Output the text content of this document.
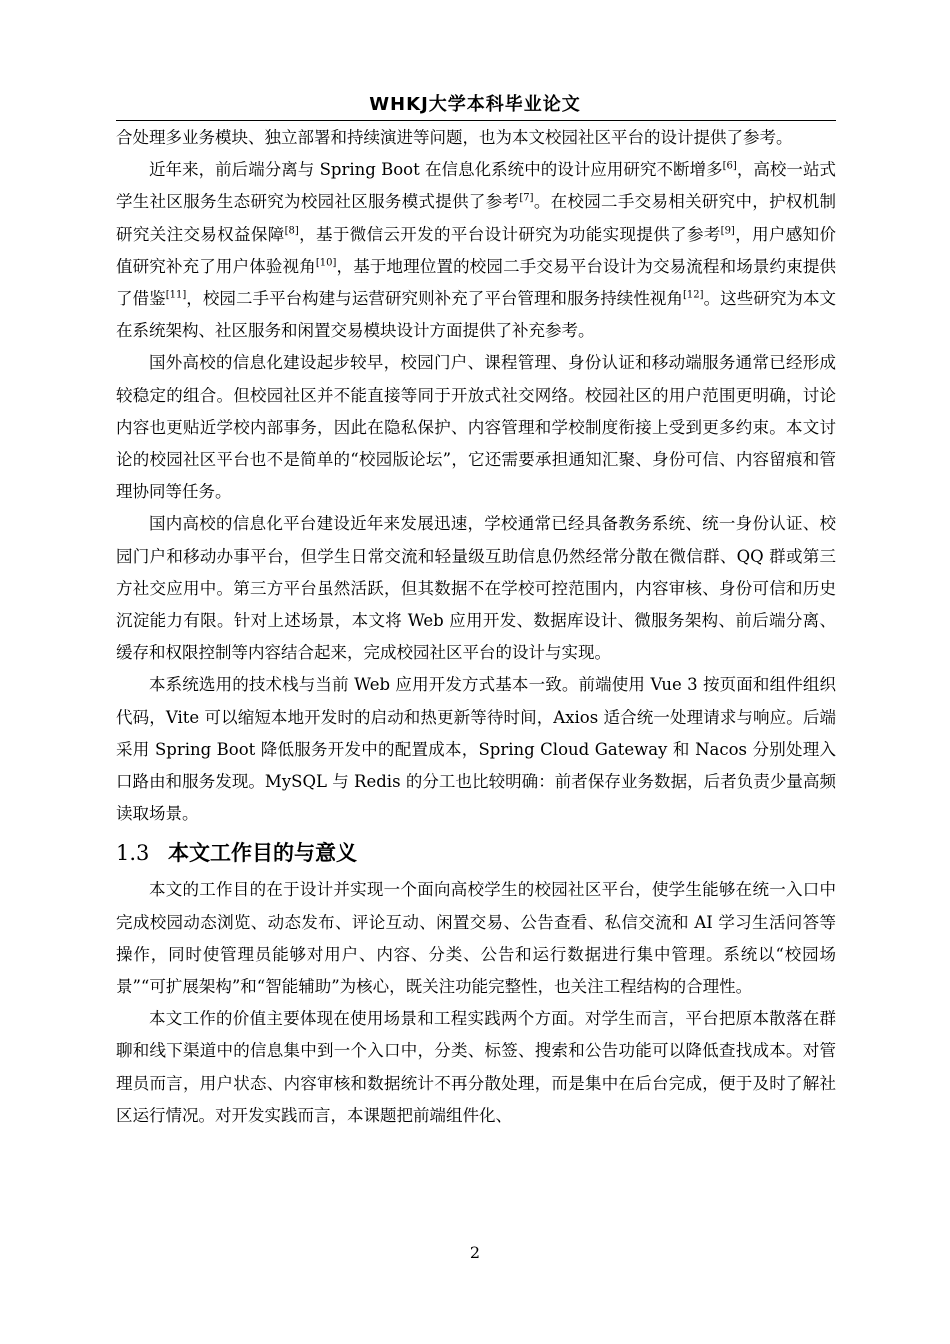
WHKJ大学本科毕业论文

合处理多业务模块、独立部署和持续演进等问题，也为本文校园社区平台的设计提供了参考。

近年来，前后端分离与 Spring Boot 在信息化系统中的设计应用研究不断增多[6]，高校一站式学生社区服务生态研究为校园社区服务模式提供了参考[7]。在校园二手交易相关研究中，护权机制研究关注交易权益保障[8]，基于微信云开发的平台设计研究为功能实现提供了参考[9]，用户感知价值研究补充了用户体验视角[10]，基于地理位置的校园二手交易平台设计为交易流程和场景约束提供了借鉴[11]，校园二手平台构建与运营研究则补充了平台管理和服务持续性视角[12]。这些研究为本文在系统架构、社区服务和闲置交易模块设计方面提供了补充参考。

国外高校的信息化建设起步较早，校园门户、课程管理、身份认证和移动端服务通常已经形成较稳定的组合。但校园社区并不能直接等同于开放式社交网络。校园社区的用户范围更明确，讨论内容也更贴近学校内部事务，因此在隐私保护、内容管理和学校制度衔接上受到更多约束。本文讨论的校园社区平台也不是简单的“校园版论坛”，它还需要承担通知汇聚、身份可信、内容留痕和管理协同等任务。

国内高校的信息化平台建设近年来发展迅速，学校通常已经具备教务系统、统一身份认证、校园门户和移动办事平台，但学生日常交流和轻量级互助信息仍然经常分散在微信群、QQ 群或第三方社交应用中。第三方平台虽然活跃，但其数据不在学校可控范围内，内容审核、身份可信和历史沉淀能力有限。针对上述场景，本文将 Web 应用开发、数据库设计、微服务架构、前后端分离、缓存和权限控制等内容结合起来，完成校园社区平台的设计与实现。

本系统选用的技术栈与当前 Web 应用开发方式基本一致。前端使用 Vue 3 按页面和组件组织代码，Vite 可以缩短本地开发时的启动和热更新等待时间，Axios 适合统一处理请求与响应。后端采用 Spring Boot 降低服务开发中的配置成本，Spring Cloud Gateway 和 Nacos 分别处理入口路由和服务发现。MySQL 与 Redis 的分工也比较明确：前者保存业务数据，后者负责少量高频读取场景。

1.3 本文工作目的与意义

本文的工作目的在于设计并实现一个面向高校学生的校园社区平台，使学生能够在统一入口中完成校园动态浏览、动态发布、评论互动、闲置交易、公告查看、私信交流和 AI 学习生活问答等操作，同时使管理员能够对用户、内容、分类、公告和运行数据进行集中管理。系统以“校园场景”“可扩展架构”和“智能辅助”为核心，既关注功能完整性，也关注工程结构的合理性。

本文工作的价值主要体现在使用场景和工程实践两个方面。对学生而言，平台把原本散落在群聊和线下渠道中的信息集中到一个入口中，分类、标签、搜索和公告功能可以降低查找成本。对管理员而言，用户状态、内容审核和数据统计不再分散处理，而是集中在后台完成，便于及时了解社区运行情况。对开发实践而言，本课题把前端组件化、

2
